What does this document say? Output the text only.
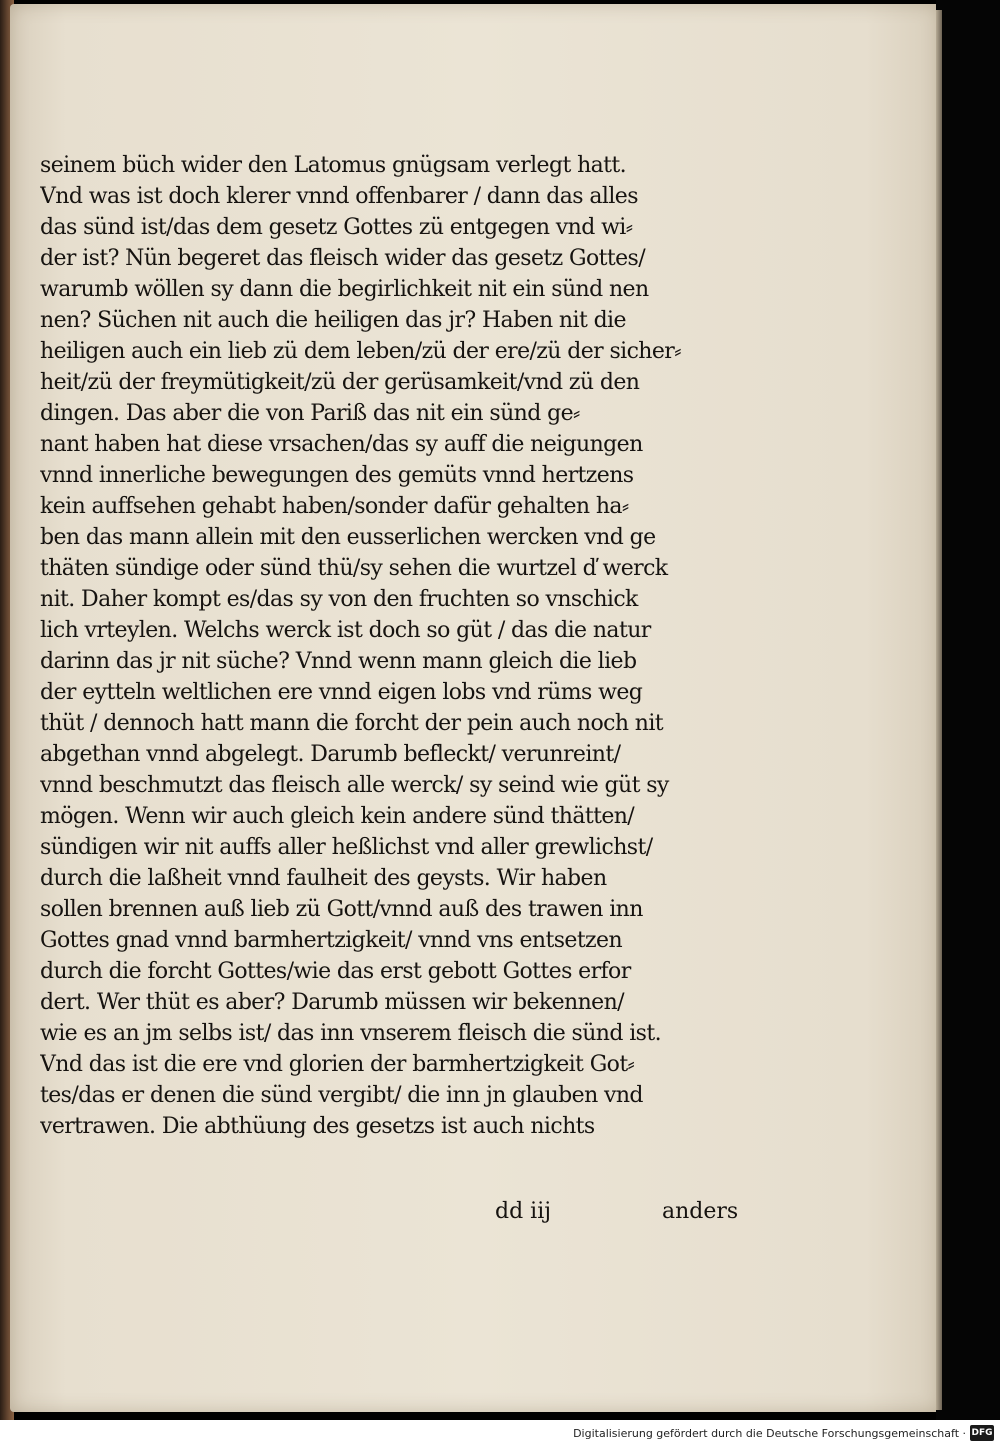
seinem büch wider den Latomus gnügsam verlegt hatt.
Vnd was ist doch klerer vnnd offenbarer / dann das alles
das sünd ist/das dem gesetz Gottes zü entgegen vnd wi⸗
der ist? Nün begeret das fleisch wider das gesetz Gottes/
warumb wöllen sy dann die begirlichkeit nit ein sünd nen
nen? Süchen nit auch die heiligen das jr? Haben nit die
heiligen auch ein lieb zü dem leben/zü der ere/zü der sicher⸗
heit/zü der freymütigkeit/zü der gerüsamkeit/vnd zü den
dingen. Das aber die von Pariß das nit ein sünd ge⸗
nant haben hat diese vrsachen/das sy auff die neigungen
vnnd innerliche bewegungen des gemüts vnnd hertzens
kein auffsehen gehabt haben/sonder dafür gehalten ha⸗
ben das mann allein mit den eusserlichen wercken vnd ge
thäten sündige oder sünd thü/sy sehen die wurtzel ď werck
nit. Daher kompt es/das sy von den fruchten so vnschick
lich vrteylen. Welchs werck ist doch so güt / das die natur
darinn das jr nit süche? Vnnd wenn mann gleich die lieb
der eytteln weltlichen ere vnnd eigen lobs vnd rüms weg
thüt / dennoch hatt mann die forcht der pein auch noch nit
abgethan vnnd abgelegt. Darumb befleckt/ verunreint/
vnnd beschmutzt das fleisch alle werck/ sy seind wie güt sy
mögen. Wenn wir auch gleich kein andere sünd thätten/
sündigen wir nit auffs aller heßlichst vnd aller grewlichst/
durch die laßheit vnnd faulheit des geysts. Wir haben
sollen brennen auß lieb zü Gott/vnnd auß des trawen inn
Gottes gnad vnnd barmhertzigkeit/ vnnd vns entsetzen
durch die forcht Gottes/wie das erst gebott Gottes erfor
dert. Wer thüt es aber? Darumb müssen wir bekennen/
wie es an jm selbs ist/ das inn vnserem fleisch die sünd ist.
Vnd das ist die ere vnd glorien der barmhertzigkeit Got⸗
tes/das er denen die sünd vergibt/ die inn jn glauben vnd
vertrawen. Die abthüung des gesetzs ist auch nichts
dd iij	anders
Digitalisierung gefördert durch die Deutsche Forschungsgemeinschaft · DFG
